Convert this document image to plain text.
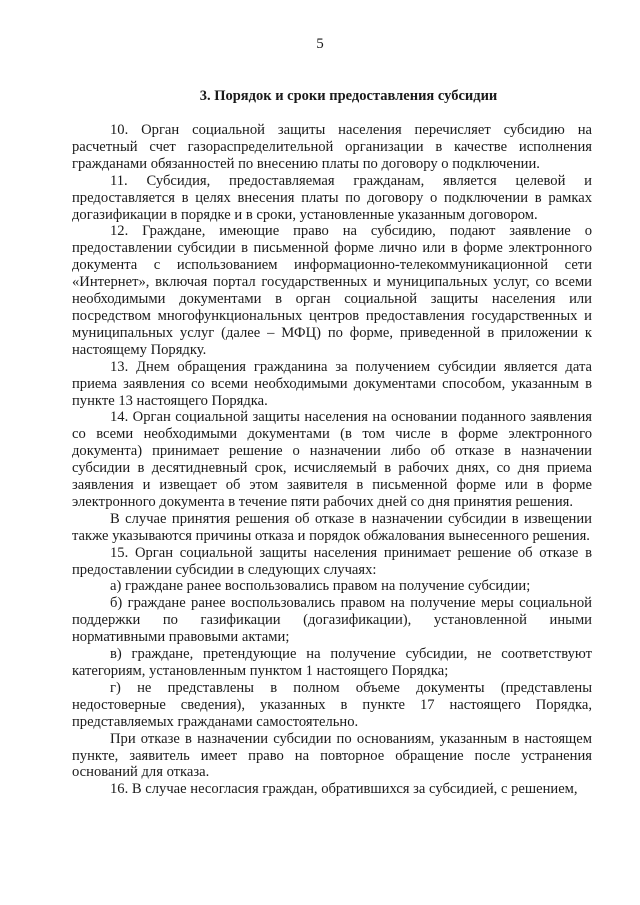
5
3. Порядок и сроки предоставления субсидии

10. Орган социальной защиты населения перечисляет субсидию на расчетный счет газораспределительной организации в качестве исполнения гражданами обязанностей по внесению платы по договору о подключении.

11. Субсидия, предоставляемая гражданам, является целевой и предоставляется в целях внесения платы по договору о подключении в рамках догазификации в порядке и в сроки, установленные указанным договором.

12. Граждане, имеющие право на субсидию, подают заявление о предоставлении субсидии в письменной форме лично или в форме электронного документа с использованием информационно-телекоммуникационной сети «Интернет», включая портал государственных и муниципальных услуг, со всеми необходимыми документами в орган социальной защиты населения или посредством многофункциональных центров предоставления государственных и муниципальных услуг (далее – МФЦ) по форме, приведенной в приложении к настоящему Порядку.

13. Днем обращения гражданина за получением субсидии является дата приема заявления со всеми необходимыми документами способом, указанным в пункте 13 настоящего Порядка.

14. Орган социальной защиты населения на основании поданного заявления со всеми необходимыми документами (в том числе в форме электронного документа) принимает решение о назначении либо об отказе в назначении субсидии в десятидневный срок, исчисляемый в рабочих днях, со дня приема заявления и извещает об этом заявителя в письменной форме или в форме электронного документа в течение пяти рабочих дней со дня принятия решения.

В случае принятия решения об отказе в назначении субсидии в извещении также указываются причины отказа и порядок обжалования вынесенного решения.

15. Орган социальной защиты населения принимает решение об отказе в предоставлении субсидии в следующих случаях:

а) граждане ранее воспользовались правом на получение субсидии;

б) граждане ранее воспользовались правом на получение меры социальной поддержки по газификации (догазификации), установленной иными нормативными правовыми актами;

в) граждане, претендующие на получение субсидии, не соответствуют категориям, установленным пунктом 1 настоящего Порядка;

г) не представлены в полном объеме документы (представлены недостоверные сведения), указанных в пункте 17 настоящего Порядка, представляемых гражданами самостоятельно.

При отказе в назначении субсидии по основаниям, указанным в настоящем пункте, заявитель имеет право на повторное обращение после устранения оснований для отказа.

16. В случае несогласия граждан, обратившихся за субсидией, с решением,
